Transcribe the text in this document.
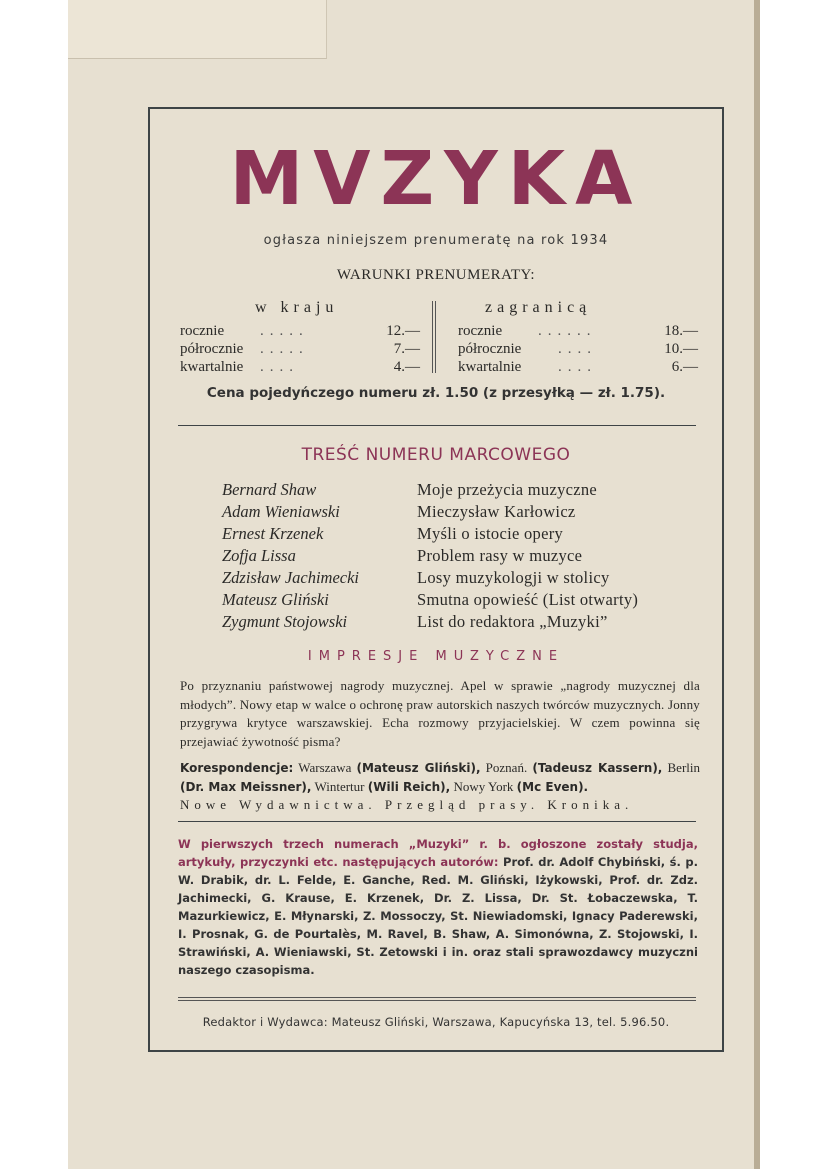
MVZYKA
ogłasza niniejszem prenumeratę na rok 1934
WARUNKI PRENUMERATY:
w kraju	zagranicą
rocznie .....	12.—
półrocznie .....	7.—
kwartalnie ....	4.—
rocznie ......	18.—
półrocznie ....	10.—
kwartalnie ....	6.—
Cena pojedyńczego numeru zł. 1.50 (z przesyłką — zł. 1.75).
TREŚĆ NUMERU MARCOWEGO
Bernard Shaw	Moje przeżycia muzyczne
Adam Wieniawski	Mieczysław Karłowicz
Ernest Krzenek	Myśli o istocie opery
Zofja Lissa	Problem rasy w muzyce
Zdzisław Jachimecki	Losy muzykologji w stolicy
Mateusz Gliński	Smutna opowieść (List otwarty)
Zygmunt Stojowski	List do redaktora „Muzyki”
IMPRESJE MUZYCZNE
Po przyznaniu państwowej nagrody muzycznej. Apel w sprawie „nagrody muzycznej dla młodych”. Nowy etap w walce o ochronę praw autorskich naszych twórców muzycznych. Jonny przygrywa krytyce warszawskiej. Echa rozmowy przyjacielskiej. W czem powinna się przejawiać żywotność pisma?
Korespondencje: Warszawa (Mateusz Gliński), Poznań. (Tadeusz Kassern), Berlin (Dr. Max Meissner), Wintertur (Wili Reich), Nowy York (Mc Even).
Nowe Wydawnictwa. Przegląd prasy. Kronika.
W pierwszych trzech numerach „Muzyki” r. b. ogłoszone zostały studja, artykuły, przyczynki etc. następujących autorów: Prof. dr. Adolf Chybiński, ś. p. W. Drabik, dr. L. Felde, E. Ganche, Red. M. Gliński, Iżykowski, Prof. dr. Zdz. Jachimecki, G. Krause, E. Krzenek, Dr. Z. Lissa, Dr. St. Łobaczewska, T. Mazurkiewicz, E. Młynarski, Z. Mossoczy, St. Niewiadomski, Ignacy Paderewski, I. Prosnak, G. de Pourtalès, M. Ravel, B. Shaw, A. Simonówna, Z. Stojowski, I. Strawiński, A. Wieniawski, St. Zetowski i in. oraz stali sprawozdawcy muzyczni naszego czasopisma.
Redaktor i Wydawca: Mateusz Gliński, Warszawa, Kapucyńska 13, tel. 5.96.50.
